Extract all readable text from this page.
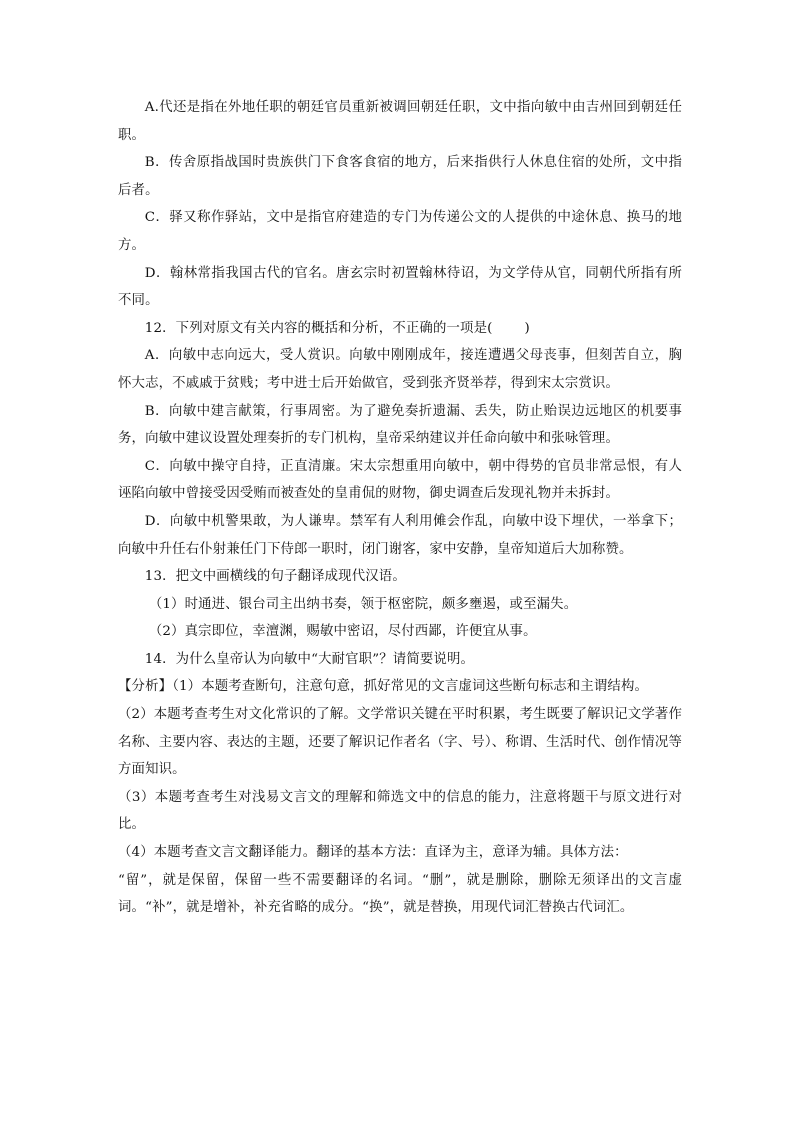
A.代还是指在外地任职的朝廷官员重新被调回朝廷任职，文中指向敏中由吉州回到朝廷任职。

B．传舍原指战国时贵族供门下食客食宿的地方，后来指供行人休息住宿的处所，文中指后者。

C．驿又称作驿站，文中是指官府建造的专门为传递公文的人提供的中途休息、换马的地方。

D．翰林常指我国古代的官名。唐玄宗时初置翰林待诏，为文学侍从官，同朝代所指有所不同。

12．下列对原文有关内容的概括和分析，不正确的一项是( )

A．向敏中志向远大，受人赏识。向敏中刚刚成年，接连遭遇父母丧事，但刻苦自立，胸怀大志，不戚戚于贫贱；考中进士后开始做官，受到张齐贤举荐，得到宋太宗赏识。

B．向敏中建言献策，行事周密。为了避免奏折遗漏、丢失，防止贻误边远地区的机要事务，向敏中建议设置处理奏折的专门机构，皇帝采纳建议并任命向敏中和张咏管理。

C．向敏中操守自持，正直清廉。宋太宗想重用向敏中，朝中得势的官员非常忌恨，有人诬陷向敏中曾接受因受贿而被查处的皇甫侃的财物，御史调查后发现礼物并未拆封。

D．向敏中机警果敢，为人谦卑。禁军有人利用傩会作乱，向敏中设下埋伏，一举拿下；向敏中升任右仆射兼任门下侍郎一职时，闭门谢客，家中安静，皇帝知道后大加称赞。

13．把文中画横线的句子翻译成现代汉语。

（1）时通进、银台司主出纳书奏，领于枢密院，颇多壅遏，或至漏失。

（2）真宗即位，幸澶渊，赐敏中密诏，尽付西鄙，许便宜从事。

14．为什么皇帝认为向敏中“大耐官职”？请简要说明。

【分析】（1）本题考查断句，注意句意，抓好常见的文言虚词这些断句标志和主谓结构。

（2）本题考查考生对文化常识的了解。文学常识关键在平时积累，考生既要了解识记文学著作名称、主要内容、表达的主题，还要了解识记作者名（字、号）、称谓、生活时代、创作情况等方面知识。

（3）本题考查考生对浅易文言文的理解和筛选文中的信息的能力，注意将题干与原文进行对比。

（4）本题考查文言文翻译能力。翻译的基本方法：直译为主，意译为辅。具体方法：

“留”，就是保留，保留一些不需要翻译的名词。“删”，就是删除，删除无须译出的文言虚词。“补”，就是增补，补充省略的成分。“换”，就是替换，用现代词汇替换古代词汇。
